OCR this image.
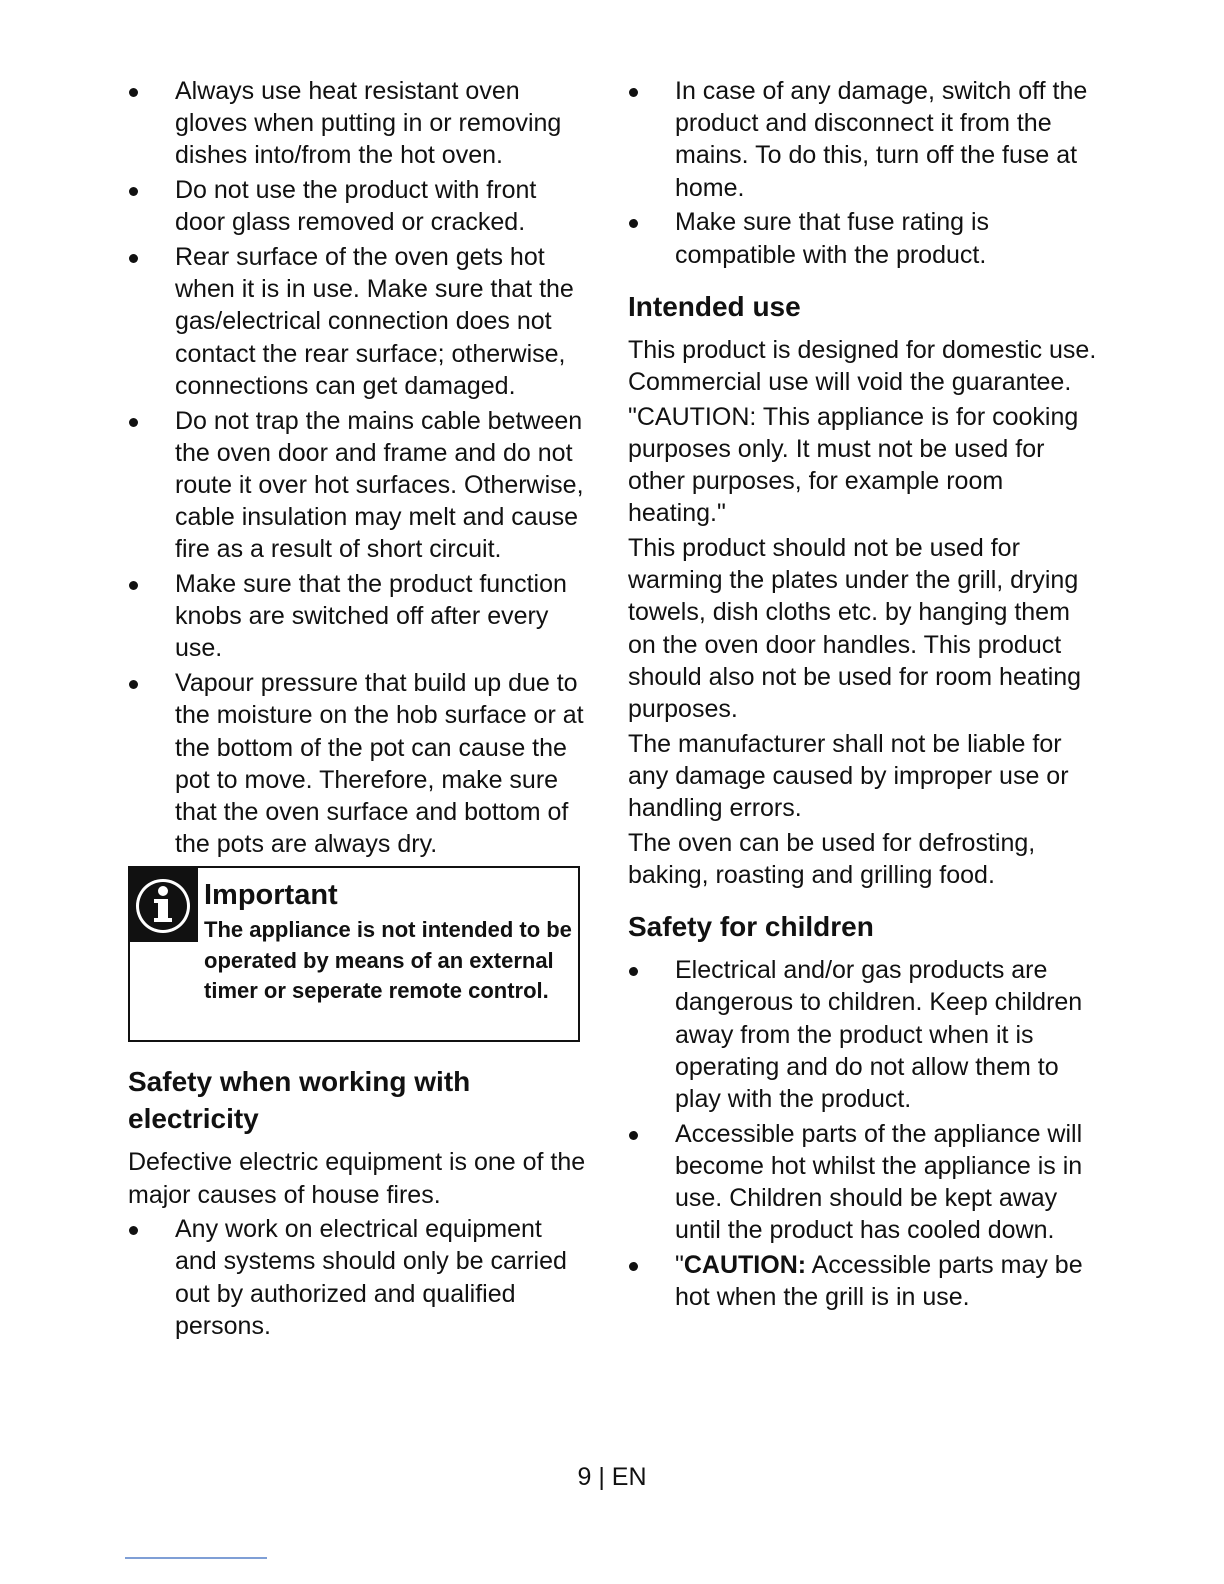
Always use heat resistant oven gloves when putting in or removing dishes into/from the hot oven.
Do not use the product with front door glass removed or cracked.
Rear surface of the oven gets hot when it is in use. Make sure that the gas/electrical connection does not contact the rear surface; otherwise, connections can get damaged.
Do not trap the mains cable between the oven door and frame and do not route it over hot surfaces. Otherwise, cable insulation may melt and cause fire as a result of short circuit.
Make sure that the product function knobs are switched off after every use.
Vapour pressure that build up due to the moisture on the hob surface or at the bottom of the pot can cause the pot to move. Therefore, make sure that the oven surface and bottom of the pots are always dry.
Important
The appliance is not intended to be operated by means of an external timer or seperate remote control.
Safety when working with electricity

Defective electric equipment is one of the major causes of house fires.

Any work on electrical equipment and systems should only be carried out by authorized and qualified persons.
In case of any damage, switch off the product and disconnect it from the mains. To do this, turn off the fuse at home.
Make sure that fuse rating is compatible with the product.
Intended use

This product is designed for domestic use. Commercial use will void the guarantee.

"CAUTION: This appliance is for cooking purposes only. It must not be used for other purposes, for example room heating."

This product should not be used for warming the plates under the grill, drying towels, dish cloths etc. by hanging them on the oven door handles. This product should also not be used for room heating purposes.

The manufacturer shall not be liable for any damage caused by improper use or handling errors.

The oven can be used for defrosting, baking, roasting and grilling food.

Safety for children
Electrical and/or gas products are dangerous to children. Keep children away from the product when it is operating and do not allow them to play with the product.
Accessible parts of the appliance will become hot whilst the appliance is in use. Children should be kept away until the product has cooled down.
"CAUTION: Accessible parts may be hot when the grill is in use.
9 | EN
